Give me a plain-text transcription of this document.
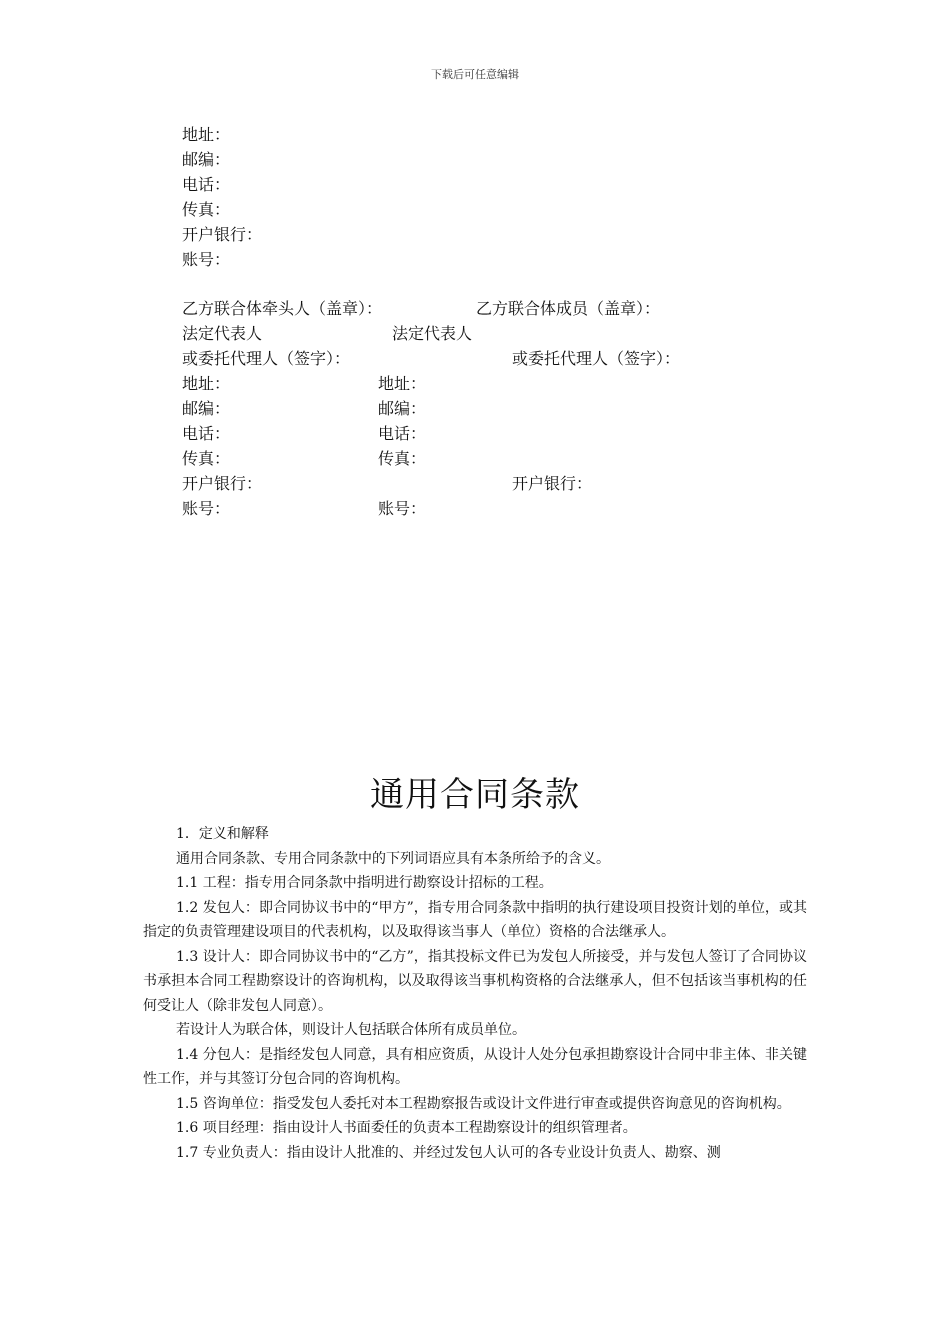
下载后可任意编辑
地址：
邮编：
电话：
传真：
开户银行：
账号：
乙方联合体牵头人（盖章）：	乙方联合体成员（盖章）：
法定代表人	法定代表人
或委托代理人（签字）：	或委托代理人（签字）：
地址：	地址：
邮编：	邮编：
电话：	电话：
传真：	传真：
开户银行：	开户银行：
账号：	账号：
通用合同条款

1．定义和解释

通用合同条款、专用合同条款中的下列词语应具有本条所给予的含义。

1.1 工程：指专用合同条款中指明进行勘察设计招标的工程。

1.2 发包人：即合同协议书中的“甲方”，指专用合同条款中指明的执行建设项目投资计划的单位，或其指定的负责管理建设项目的代表机构，以及取得该当事人（单位）资格的合法继承人。

1.3 设计人：即合同协议书中的“乙方”，指其投标文件已为发包人所接受，并与发包人签订了合同协议书承担本合同工程勘察设计的咨询机构，以及取得该当事机构资格的合法继承人，但不包括该当事机构的任何受让人（除非发包人同意）。

若设计人为联合体，则设计人包括联合体所有成员单位。

1.4 分包人：是指经发包人同意，具有相应资质，从设计人处分包承担勘察设计合同中非主体、非关键性工作，并与其签订分包合同的咨询机构。

1.5 咨询单位：指受发包人委托对本工程勘察报告或设计文件进行审查或提供咨询意见的咨询机构。

1.6 项目经理：指由设计人书面委任的负责本工程勘察设计的组织管理者。

1.7 专业负责人：指由设计人批准的、并经过发包人认可的各专业设计负责人、勘察、测
